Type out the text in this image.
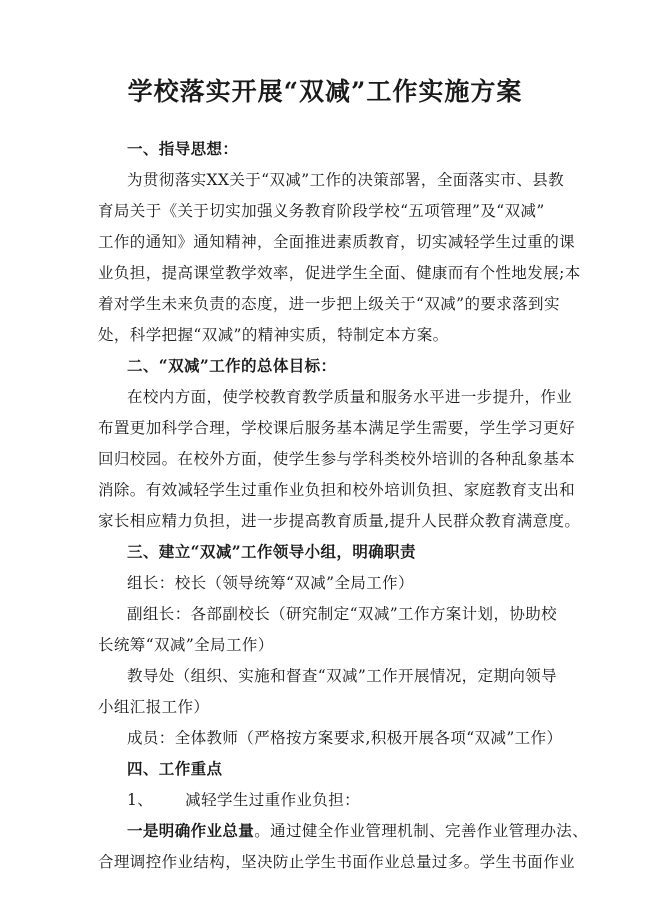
学校落实开展“双减”工作实施方案
一、指导思想：
为贯彻落实XX关于“双减”工作的决策部署，全面落实市、县教
育局关于《关于切实加强义务教育阶段学校“五项管理”及“双减”
工作的通知》通知精神，全面推进素质教育，切实减轻学生过重的课
业负担，提高课堂教学效率，促进学生全面、健康而有个性地发展;本
着对学生未来负责的态度，进一步把上级关于“双减”的要求落到实
处，科学把握“双减”的精神实质，特制定本方案。
二、“双减”工作的总体目标：
在校内方面，使学校教育教学质量和服务水平进一步提升，作业
布置更加科学合理，学校课后服务基本满足学生需要，学生学习更好
回归校园。在校外方面，使学生参与学科类校外培训的各种乱象基本
消除。有效减轻学生过重作业负担和校外培训负担、家庭教育支出和
家长相应精力负担，进一步提高教育质量,提升人民群众教育满意度。
三、建立“双减”工作领导小组，明确职责
组长：校长（领导统筹“双减”全局工作）
副组长：各部副校长（研究制定“双减”工作方案计划，协助校
长统筹“双减”全局工作）
教导处（组织、实施和督查“双减”工作开展情况，定期向领导
小组汇报工作）
成员：全体教师（严格按方案要求,积极开展各项“双减”工作）
四、工作重点
1、 减轻学生过重作业负担：
一是明确作业总量。通过健全作业管理机制、完善作业管理办法、
合理调控作业结构，坚决防止学生书面作业总量过多。学生书面作业
